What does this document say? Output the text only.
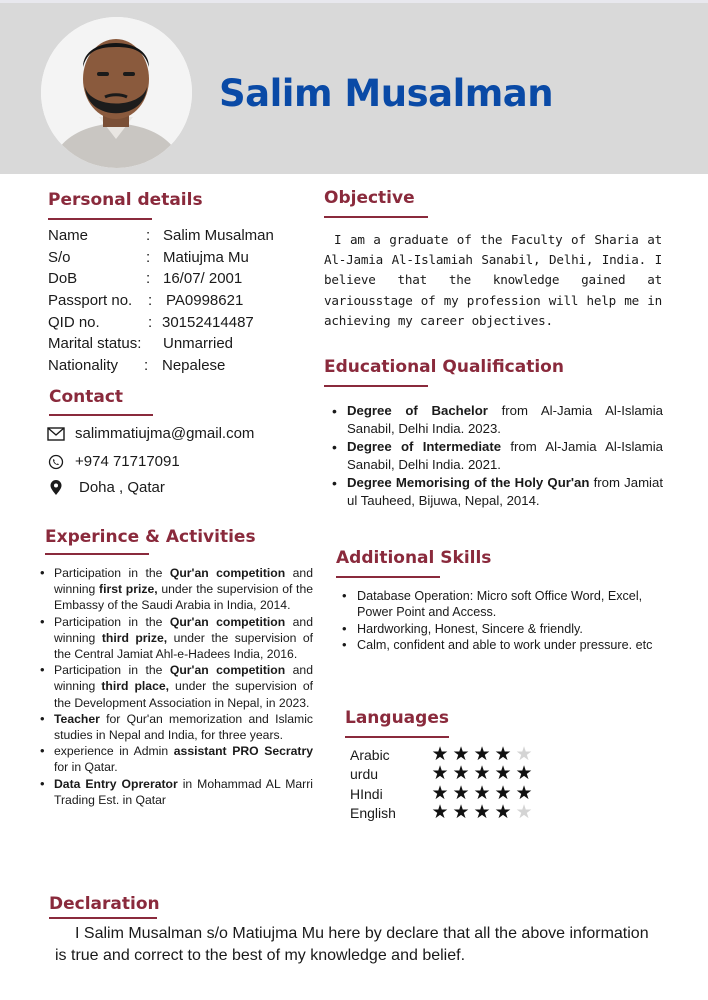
Salim Musalman
Personal details
Name	: Salim Musalman
S/o	: Matiujma Mu
DoB	: 16/07/ 2001
Passport no. : PA0998621
QID no.	: 30152414487
Marital status: Unmarried
Nationality : Nepalese
Contact
salimmatiujma@gmail.com
+974 71717091
Doha , Qatar
Experince & Activities
• Participation in the Qur'an competition and winning first prize, under the supervision of the Embassy of the Saudi Arabia in India, 2014.
• Participation in the Qur'an competition and winning third prize, under the supervision of the Central Jamiat Ahl-e-Hadees India, 2016.
• Participation in the Qur'an competition and winning third place, under the supervision of the Development Association in Nepal, in 2023.
• Teacher for Qur'an memorization and Islamic studies in Nepal and India, for three years.
• experience in Admin assistant PRO Secratry for in Qatar.
• Data Entry Oprerator in Mohammad AL Marri Trading Est. in Qatar
Objective
I am a graduate of the Faculty of Sharia at Al-Jamia Al-Islamiah Sanabil, Delhi, India. I believe that the knowledge gained at variousstage of my profession will help me in achieving my career objectives.
Educational Qualification
• Degree of Bachelor from Al-Jamia Al-Islamia Sanabil, Delhi India. 2023.
• Degree of Intermediate from Al-Jamia Al-Islamia Sanabil, Delhi India. 2021.
• Degree Memorising of the Holy Qur'an from Jamiat ul Tauheed, Bijuwa, Nepal, 2014.
Additional Skills
• Database Operation: Micro soft Office Word, Excel, Power Point and Access.
• Hardworking, Honest, Sincere & friendly.
• Calm, confident and able to work under pressure. etc
Languages
Arabic ★ ★ ★ ★ ★
urdu	★ ★ ★ ★ ★
HIndi	★ ★ ★ ★ ★
English ★ ★ ★ ★ ★
Declaration
I Salim Musalman s/o Matiujma Mu here by declare that all the above information is true and correct to the best of my knowledge and belief.
